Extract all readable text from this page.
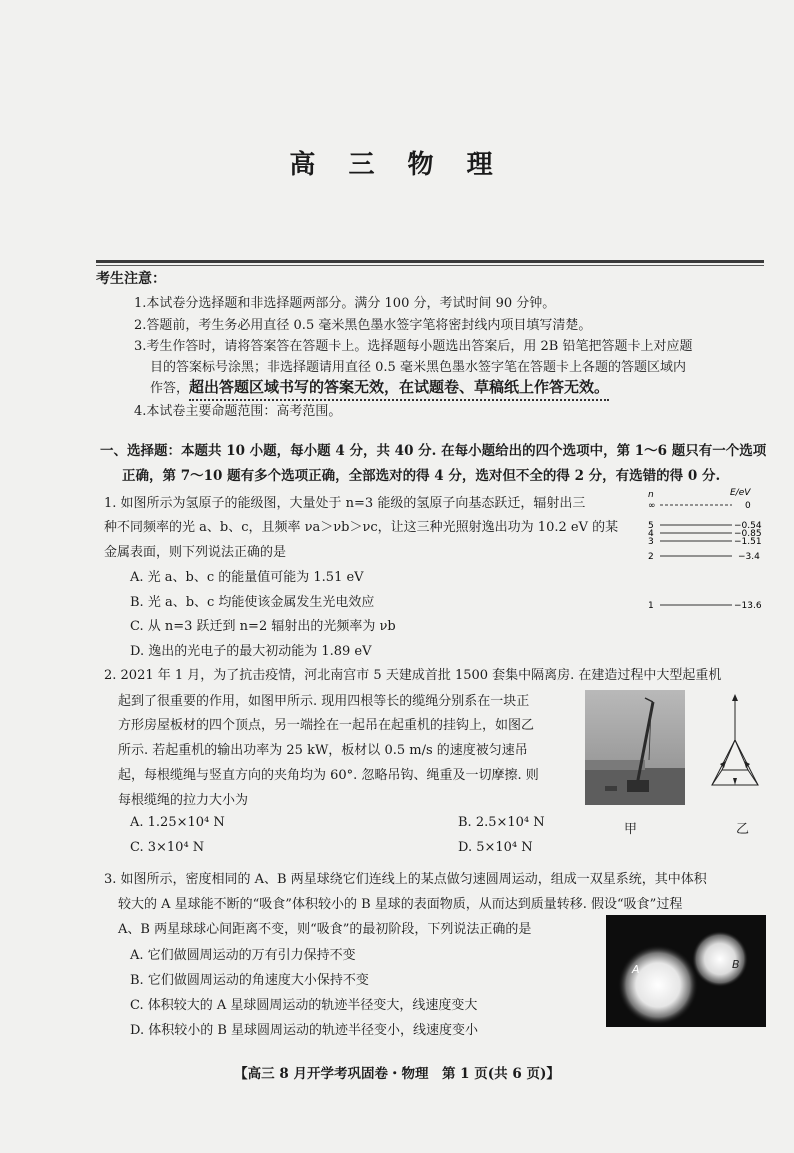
高 三 物 理
考生注意：
1.本试卷分选择题和非选择题两部分。满分 100 分，考试时间 90 分钟。
2.答题前，考生务必用直径 0.5 毫米黑色墨水签字笔将密封线内项目填写清楚。
3.考生作答时，请将答案答在答题卡上。选择题每小题选出答案后，用 2B 铅笔把答题卡上对应题
目的答案标号涂黑；非选择题请用直径 0.5 毫米黑色墨水签字笔在答题卡上各题的答题区域内
作答，超出答题区域书写的答案无效，在试题卷、草稿纸上作答无效。
4.本试卷主要命题范围：高考范围。
一、选择题：本题共 10 小题，每小题 4 分，共 40 分. 在每小题给出的四个选项中，第 1～6 题只有一个选项
正确，第 7～10 题有多个选项正确，全部选对的得 4 分，选对但不全的得 2 分，有选错的得 0 分.
1. 如图所示为氢原子的能级图，大量处于 n=3 能级的氢原子向基态跃迁，辐射出三
种不同频率的光 a、b、c，且频率 νa＞νb＞νc，让这三种光照射逸出功为 10.2 eV 的某
金属表面，则下列说法正确的是
A. 光 a、b、c 的能量值可能为 1.51 eV
B. 光 a、b、c 均能使该金属发生光电效应
C. 从 n=3 跃迁到 n=2 辐射出的光频率为 νb
D. 逸出的光电子的最大初动能为 1.89 eV
n	E/eV
∞	0
5	−0.54
4	−0.85
3	−1.51
2	−3.4
1	−13.6
2. 2021 年 1 月，为了抗击疫情，河北南宫市 5 天建成首批 1500 套集中隔离房. 在建造过程中大型起重机
起到了很重要的作用，如图甲所示. 现用四根等长的缆绳分别系在一块正
方形房屋板材的四个顶点，另一端拴在一起吊在起重机的挂钩上，如图乙
所示. 若起重机的输出功率为 25 kW，板材以 0.5 m/s 的速度被匀速吊
起，每根缆绳与竖直方向的夹角均为 60°. 忽略吊钩、绳重及一切摩擦. 则
每根缆绳的拉力大小为
A. 1.25×10⁴ N	B. 2.5×10⁴ N
C. 3×10⁴ N	D. 5×10⁴ N
甲	乙
3. 如图所示，密度相同的 A、B 两星球绕它们连线上的某点做匀速圆周运动，组成一双星系统，其中体积
较大的 A 星球能不断的“吸食”体积较小的 B 星球的表面物质，从而达到质量转移. 假设“吸食”过程
A、B 两星球球心间距离不变，则“吸食”的最初阶段，下列说法正确的是
A. 它们做圆周运动的万有引力保持不变
B. 它们做圆周运动的角速度大小保持不变
C. 体积较大的 A 星球圆周运动的轨迹半径变大，线速度变大
D. 体积较小的 B 星球圆周运动的轨迹半径变小，线速度变小
A	B
【高三 8 月开学考巩固卷・物理　第 1 页(共 6 页)】
